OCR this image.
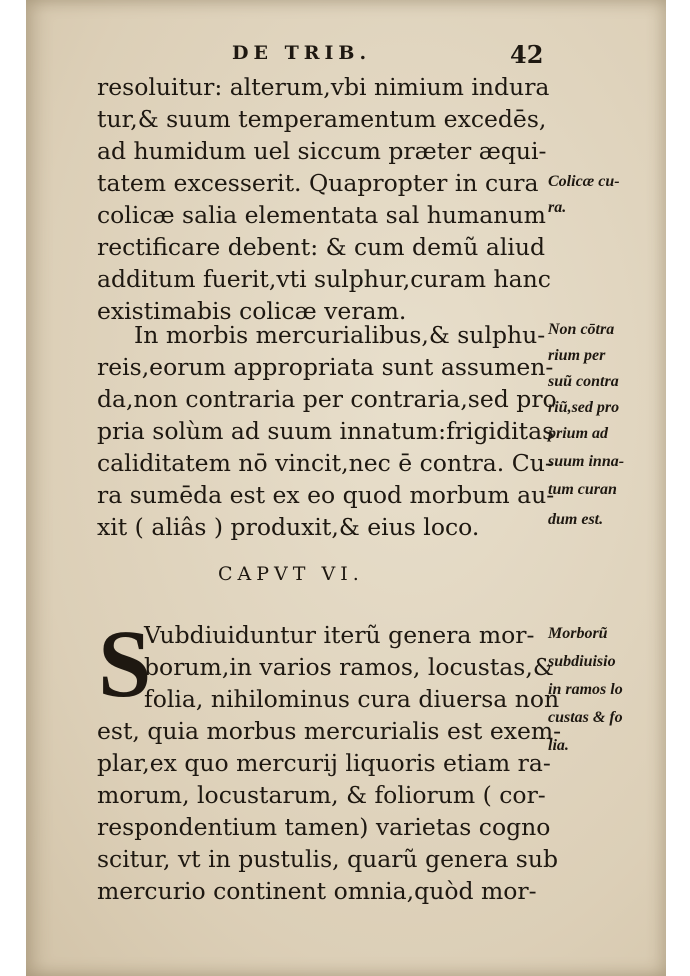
DE TRIB.	42
resoluitur: alterum,vbi nimium indura
tur,& suum temperamentum excedēs,
ad humidum uel siccum præter æqui-
tatem excesserit. Quapropter in cura
colicæ salia elementata sal humanum
rectificare debent: & cum demũ aliud
additum fuerit,vti sulphur,curam hanc
existimabis colicæ veram.
In morbis mercurialibus,& sulphu-
reis,eorum appropriata sunt assumen-
da,non contraria per contraria,sed pro
pria solùm ad suum innatum:frigiditas
caliditatem nō vincit,nec ē contra. Cu-
ra sumēda est ex eo quod morbum au-
xit ( aliâs ) produxit,& eius loco.
Colicæ cu-
ra.
Non cōtra
rium per
suũ contra
riũ,sed pro
prium ad
suum inna-
tum curan
dum est.
CAPVT VI.
S
Vubdiuiduntur iterũ genera mor-
borum,in varios ramos, locustas,&
folia, nihilominus cura diuersa non
est, quia morbus mercurialis est exem-
plar,ex quo mercurij liquoris etiam ra-
morum, locustarum, & foliorum ( cor-
respondentium tamen) varietas cogno
scitur, vt in pustulis, quarũ genera sub
mercurio continent omnia,quòd mor-
Morborũ
subdiuisio
in ramos lo
custas & fo
lia.
